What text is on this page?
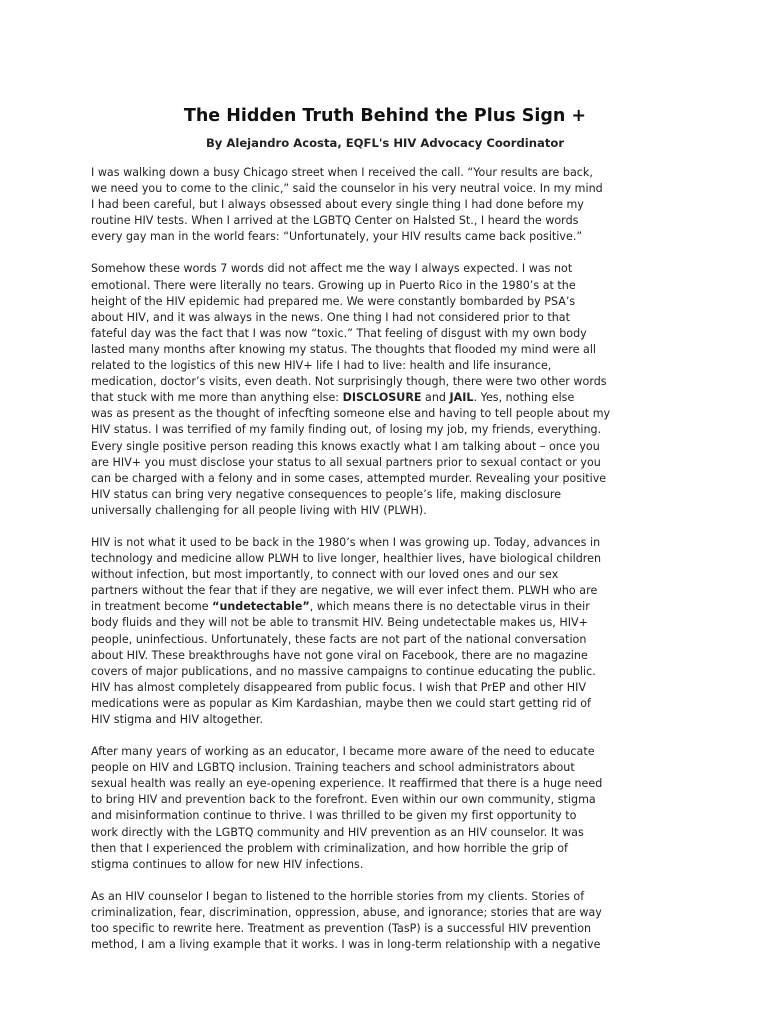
The Hidden Truth Behind the Plus Sign +
By Alejandro Acosta, EQFL's HIV Advocacy Coordinator

I was walking down a busy Chicago street when I received the call. “Your results are back,
we need you to come to the clinic,” said the counselor in his very neutral voice. In my mind
I had been careful, but I always obsessed about every single thing I had done before my
routine HIV tests. When I arrived at the LGBTQ Center on Halsted St., I heard the words
every gay man in the world fears: “Unfortunately, your HIV results came back positive.”

Somehow these words 7 words did not affect me the way I always expected. I was not
emotional. There were literally no tears. Growing up in Puerto Rico in the 1980’s at the
height of the HIV epidemic had prepared me. We were constantly bombarded by PSA’s
about HIV, and it was always in the news. One thing I had not considered prior to that
fateful day was the fact that I was now “toxic.” That feeling of disgust with my own body
lasted many months after knowing my status. The thoughts that flooded my mind were all
related to the logistics of this new HIV+ life I had to live: health and life insurance,
medication, doctor’s visits, even death. Not surprisingly though, there were two other words
that stuck with me more than anything else: DISCLOSURE and JAIL. Yes, nothing else
was as present as the thought of infecfting someone else and having to tell people about my
HIV status. I was terrified of my family finding out, of losing my job, my friends, everything.
Every single positive person reading this knows exactly what I am talking about – once you
are HIV+ you must disclose your status to all sexual partners prior to sexual contact or you
can be charged with a felony and in some cases, attempted murder. Revealing your positive
HIV status can bring very negative consequences to people’s life, making disclosure
universally challenging for all people living with HIV (PLWH).

HIV is not what it used to be back in the 1980’s when I was growing up. Today, advances in
technology and medicine allow PLWH to live longer, healthier lives, have biological children
without infection, but most importantly, to connect with our loved ones and our sex
partners without the fear that if they are negative, we will ever infect them. PLWH who are
in treatment become “undetectable”, which means there is no detectable virus in their
body fluids and they will not be able to transmit HIV. Being undetectable makes us, HIV+
people, uninfectious. Unfortunately, these facts are not part of the national conversation
about HIV. These breakthroughs have not gone viral on Facebook, there are no magazine
covers of major publications, and no massive campaigns to continue educating the public.
HIV has almost completely disappeared from public focus. I wish that PrEP and other HIV
medications were as popular as Kim Kardashian, maybe then we could start getting rid of
HIV stigma and HIV altogether.

After many years of working as an educator, I became more aware of the need to educate
people on HIV and LGBTQ inclusion. Training teachers and school administrators about
sexual health was really an eye-opening experience. It reaffirmed that there is a huge need
to bring HIV and prevention back to the forefront. Even within our own community, stigma
and misinformation continue to thrive. I was thrilled to be given my first opportunity to
work directly with the LGBTQ community and HIV prevention as an HIV counselor. It was
then that I experienced the problem with criminalization, and how horrible the grip of
stigma continues to allow for new HIV infections.

As an HIV counselor I began to listened to the horrible stories from my clients. Stories of
criminalization, fear, discrimination, oppression, abuse, and ignorance; stories that are way
too specific to rewrite here. Treatment as prevention (TasP) is a successful HIV prevention
method, I am a living example that it works. I was in long-term relationship with a negative
